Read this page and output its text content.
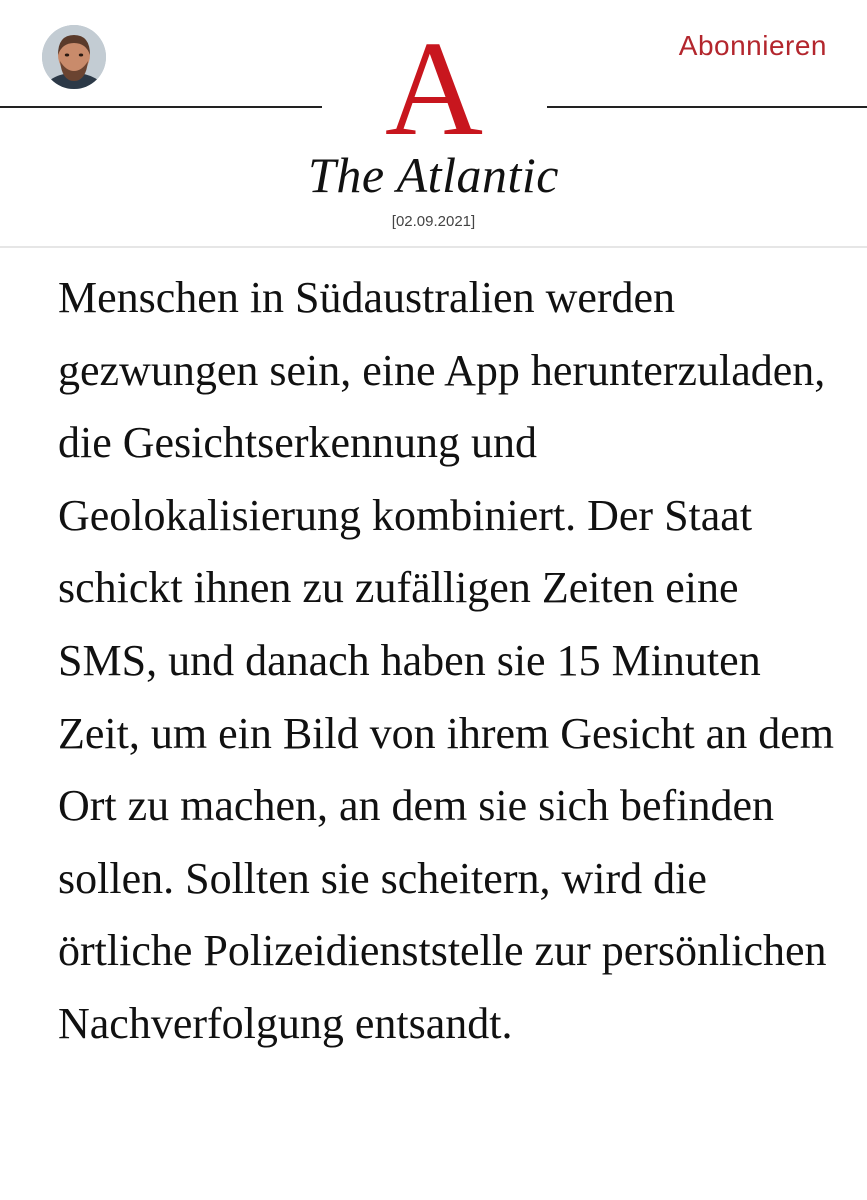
Abonnieren
A
The Atlantic
[02.09.2021]

Menschen in Südaustralien werden gezwungen sein, eine App herunterzuladen, die Gesichtserkennung und Geolokalisierung kombiniert. Der Staat schickt ihnen zu zufälligen Zeiten eine SMS, und danach haben sie 15 Minuten Zeit, um ein Bild von ihrem Gesicht an dem Ort zu machen, an dem sie sich befinden sollen. Sollten sie scheitern, wird die örtliche Polizeidienststelle zur persönlichen Nachverfolgung entsandt.
